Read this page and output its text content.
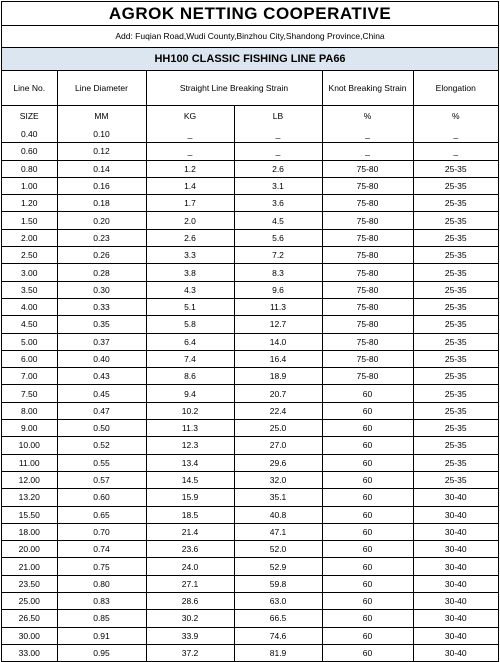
AGROK NETTING COOPERATIVE
Add: Fuqian Road,Wudi County,Binzhou City,Shandong Province,China
HH100 CLASSIC FISHING LINE PA66
Line No.	Line Diameter	Straight Line Breaking Strain		Knot Breaking Strain	Elongation
SIZE	MM	KG	LB	%	%
0.40	0.10	_	_	_	_
0.60	0.12	_	_	_	_
0.80	0.14	1.2	2.6	75-80	25-35
1.00	0.16	1.4	3.1	75-80	25-35
1.20	0.18	1.7	3.6	75-80	25-35
1.50	0.20	2.0	4.5	75-80	25-35
2.00	0.23	2.6	5.6	75-80	25-35
2.50	0.26	3.3	7.2	75-80	25-35
3.00	0.28	3.8	8.3	75-80	25-35
3.50	0.30	4.3	9.6	75-80	25-35
4.00	0.33	5.1	11.3	75-80	25-35
4.50	0.35	5.8	12.7	75-80	25-35
5.00	0.37	6.4	14.0	75-80	25-35
6.00	0.40	7.4	16.4	75-80	25-35
7.00	0.43	8.6	18.9	75-80	25-35
7.50	0.45	9.4	20.7	60	25-35
8.00	0.47	10.2	22.4	60	25-35
9.00	0.50	11.3	25.0	60	25-35
10.00	0.52	12.3	27.0	60	25-35
11.00	0.55	13.4	29.6	60	25-35
12.00	0.57	14.5	32.0	60	25-35
13.20	0.60	15.9	35.1	60	30-40
15.50	0.65	18.5	40.8	60	30-40
18.00	0.70	21.4	47.1	60	30-40
20.00	0.74	23.6	52.0	60	30-40
21.00	0.75	24.0	52.9	60	30-40
23.50	0.80	27.1	59.8	60	30-40
25.00	0.83	28.6	63.0	60	30-40
26.50	0.85	30.2	66.5	60	30-40
30.00	0.91	33.9	74.6	60	30-40
33.00	0.95	37.2	81.9	60	30-40
